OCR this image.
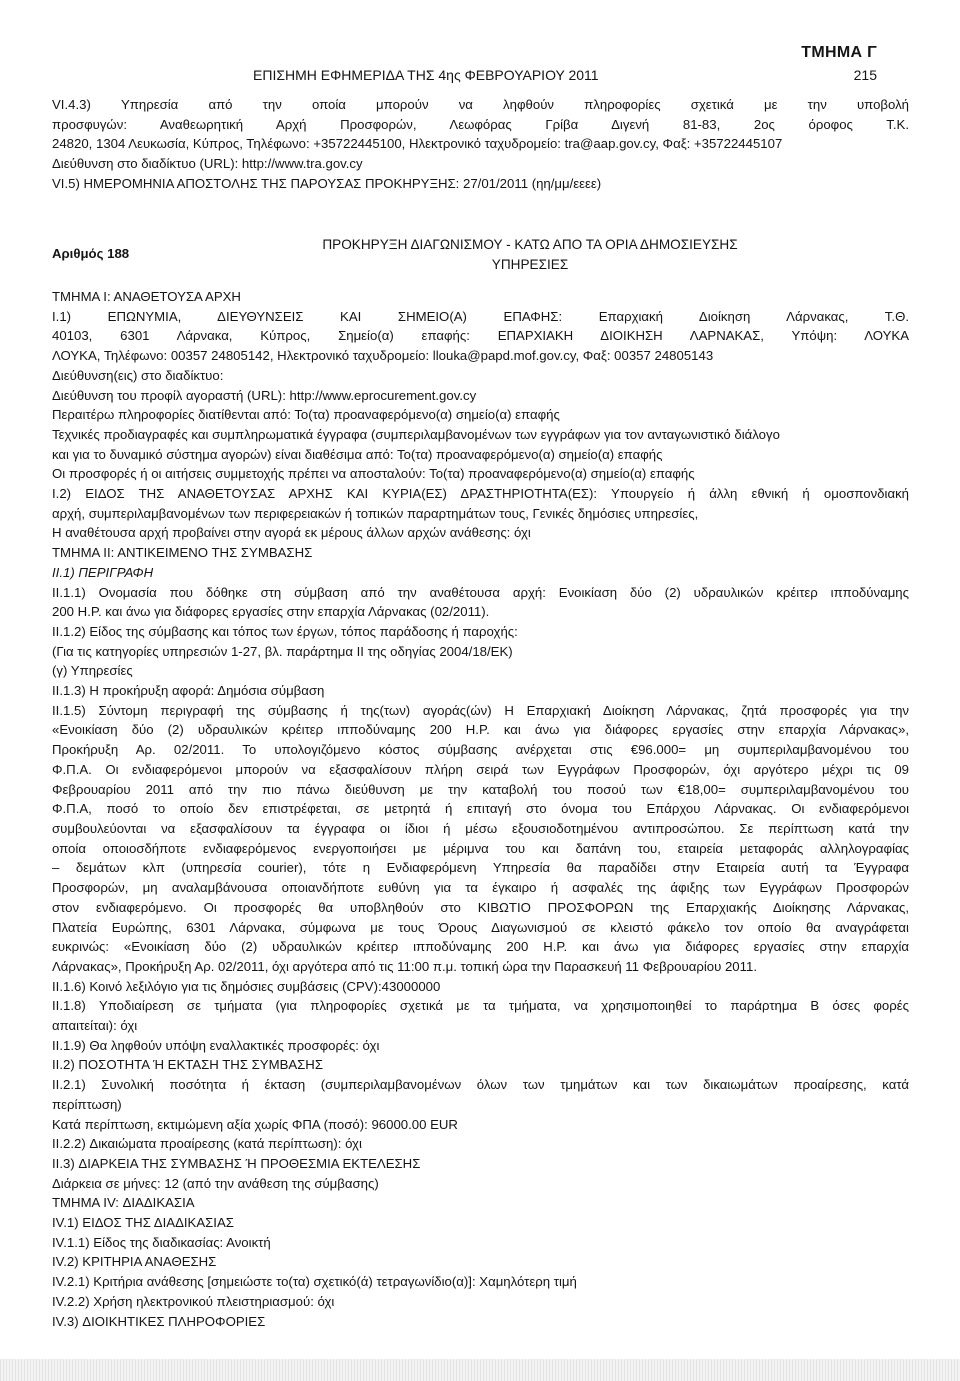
ΤΜΗΜΑ Γ
ΕΠΙΣΗΜΗ ΕΦΗΜΕΡΙΔΑ ΤΗΣ 4ης ΦΕΒΡΟΥΑΡΙΟΥ 2011	215
VI.4.3) Υπηρεσία από την οποία μπορούν να ληφθούν πληροφορίες σχετικά με την υποβολή
προσφυγών: Αναθεωρητική Αρχή Προσφορών, Λεωφόρας Γρίβα Διγενή 81-83, 2ος όροφος Τ.Κ.
24820, 1304 Λευκωσία, Κύπρος, Τηλέφωνο: +35722445100, Ηλεκτρονικό ταχυδρομείο: tra@aap.gov.cy, Φαξ: +35722445107
Διεύθυνση στο διαδίκτυο (URL): http://www.tra.gov.cy
VI.5) ΗΜΕΡΟΜΗΝΙΑ ΑΠΟΣΤΟΛΗΣ ΤΗΣ ΠΑΡΟΥΣΑΣ ΠΡΟΚΗΡΥΞΗΣ: 27/01/2011 (ηη/μμ/εεεε)
Αριθμός 188
ΠΡΟΚΗΡΥΞΗ ΔΙΑΓΩΝΙΣΜΟΥ - ΚΑΤΩ ΑΠΟ ΤΑ ΟΡΙΑ ΔΗΜΟΣΙΕΥΣΗΣ
ΥΠΗΡΕΣΙΕΣ
ΤΜΗΜΑ Ι: ΑΝΑΘΕΤΟΥΣΑ ΑΡΧΗ
I.1) ΕΠΩΝΥΜΙΑ, ΔΙΕΥΘΥΝΣΕΙΣ ΚΑΙ ΣΗΜΕΙΟ(Α) ΕΠΑΦΗΣ: Επαρχιακή Διοίκηση Λάρνακας, Τ.Θ.
40103, 6301 Λάρνακα, Κύπρος, Σημείο(α) επαφής: ΕΠΑΡΧΙΑΚΗ ΔΙΟΙΚΗΣΗ ΛΑΡΝΑΚΑΣ, Υπόψη: ΛΟΥΚΑ
ΛΟΥΚΑ, Τηλέφωνο: 00357 24805142, Ηλεκτρονικό ταχυδρομείο: llouka@papd.mof.gov.cy, Φαξ: 00357 24805143
Διεύθυνση(εις) στο διαδίκτυο:
Διεύθυνση του προφίλ αγοραστή (URL): http://www.eprocurement.gov.cy
Περαιτέρω πληροφορίες διατίθενται από: Το(τα) προαναφερόμενο(α) σημείο(α) επαφής
Τεχνικές προδιαγραφές και συμπληρωματικά έγγραφα (συμπεριλαμβανομένων των εγγράφων για τον ανταγωνιστικό διάλογο
και για το δυναμικό σύστημα αγορών) είναι διαθέσιμα από: Το(τα) προαναφερόμενο(α) σημείο(α) επαφής
Οι προσφορές ή οι αιτήσεις συμμετοχής πρέπει να αποσταλούν: Το(τα) προαναφερόμενο(α) σημείο(α) επαφής
I.2) ΕΙΔΟΣ ΤΗΣ ΑΝΑΘΕΤΟΥΣΑΣ ΑΡΧΗΣ ΚΑΙ ΚΥΡΙΑ(ΕΣ) ΔΡΑΣΤΗΡΙΟΤΗΤΑ(ΕΣ): Υπουργείο ή άλλη εθνική ή ομοσπονδιακή
αρχή, συμπεριλαμβανομένων των περιφερειακών ή τοπικών παραρτημάτων τους, Γενικές δημόσιες υπηρεσίες,
Η αναθέτουσα αρχή προβαίνει στην αγορά εκ μέρους άλλων αρχών ανάθεσης: όχι
ΤΜΗΜΑ ΙΙ: ΑΝΤΙΚΕΙΜΕΝΟ ΤΗΣ ΣΥΜΒΑΣΗΣ
II.1) ΠΕΡΙΓΡΑΦΗ
II.1.1) Ονομασία που δόθηκε στη σύμβαση από την αναθέτουσα αρχή: Ενοικίαση δύο (2) υδραυλικών κρέιτερ ιπποδύναμης
200 Η.Ρ. και άνω για διάφορες εργασίες στην επαρχία Λάρνακας (02/2011).
II.1.2) Είδος της σύμβασης και τόπος των έργων, τόπος παράδοσης ή παροχής:
(Για τις κατηγορίες υπηρεσιών 1-27, βλ. παράρτημα ΙΙ της οδηγίας 2004/18/ΕΚ)
(γ) Υπηρεσίες
II.1.3) Η προκήρυξη αφορά: Δημόσια σύμβαση
II.1.5) Σύντομη περιγραφή της σύμβασης ή της(των) αγοράς(ών) Η Επαρχιακή Διοίκηση Λάρνακας, ζητά προσφορές για την
«Ενοικίαση δύο (2) υδραυλικών κρέιτερ ιπποδύναμης 200 Η.Ρ. και άνω για διάφορες εργασίες στην επαρχία Λάρνακας»,
Προκήρυξη Αρ. 02/2011. Το υπολογιζόμενο κόστος σύμβασης ανέρχεται στις €96.000= μη συμπεριλαμβανομένου του
Φ.Π.Α. Οι ενδιαφερόμενοι μπορούν να εξασφαλίσουν πλήρη σειρά των Εγγράφων Προσφορών, όχι αργότερο μέχρι τις 09
Φεβρουαρίου 2011 από την πιο πάνω διεύθυνση με την καταβολή του ποσού των €18,00= συμπεριλαμβανομένου του
Φ.Π.Α, ποσό το οποίο δεν επιστρέφεται, σε μετρητά ή επιταγή στο όνομα του Επάρχου Λάρνακας. Οι ενδιαφερόμενοι
συμβουλεύονται να εξασφαλίσουν τα έγγραφα οι ίδιοι ή μέσω εξουσιοδοτημένου αντιπροσώπου. Σε περίπτωση κατά την
οποία οποιοσδήποτε ενδιαφερόμενος ενεργοποιήσει με μέριμνα του και δαπάνη του, εταιρεία μεταφοράς αλληλογραφίας
– δεμάτων κλπ (υπηρεσία courier), τότε η Ενδιαφερόμενη Υπηρεσία θα παραδίδει στην Εταιρεία αυτή τα Έγγραφα
Προσφορών, μη αναλαμβάνουσα οποιανδήποτε ευθύνη για τα έγκαιρο ή ασφαλές της άφιξης των Εγγράφων Προσφορών
στον ενδιαφερόμενο. Οι προσφορές θα υποβληθούν στο ΚΙΒΩΤΙΟ ΠΡΟΣΦΟΡΩΝ της Επαρχιακής Διοίκησης Λάρνακας,
Πλατεία Ευρώπης, 6301 Λάρνακα, σύμφωνα με τους Όρους Διαγωνισμού σε κλειστό φάκελο τον οποίο θα αναγράφεται
ευκρινώς: «Ενοικίαση δύο (2) υδραυλικών κρέιτερ ιπποδύναμης 200 Η.Ρ. και άνω για διάφορες εργασίες στην επαρχία
Λάρνακας», Προκήρυξη Αρ. 02/2011, όχι αργότερα από τις 11:00 π.μ. τοπική ώρα την Παρασκευή 11 Φεβρουαρίου 2011.
II.1.6) Κοινό λεξιλόγιο για τις δημόσιες συμβάσεις (CPV):43000000
II.1.8) Υποδιαίρεση σε τμήματα (για πληροφορίες σχετικά με τα τμήματα, να χρησιμοποιηθεί το παράρτημα Β όσες φορές
απαιτείται): όχι
II.1.9) Θα ληφθούν υπόψη εναλλακτικές προσφορές: όχι
II.2) ΠΟΣΟΤΗΤΑ Ή ΕΚΤΑΣΗ ΤΗΣ ΣΥΜΒΑΣΗΣ
II.2.1) Συνολική ποσότητα ή έκταση (συμπεριλαμβανομένων όλων των τμημάτων και των δικαιωμάτων προαίρεσης, κατά
περίπτωση)
Κατά περίπτωση, εκτιμώμενη αξία χωρίς ΦΠΑ (ποσό): 96000.00 EUR
II.2.2) Δικαιώματα προαίρεσης (κατά περίπτωση): όχι
II.3) ΔΙΑΡΚΕΙΑ ΤΗΣ ΣΥΜΒΑΣΗΣ Ή ΠΡΟΘΕΣΜΙΑ ΕΚΤΕΛΕΣΗΣ
Διάρκεια σε μήνες: 12 (από την ανάθεση της σύμβασης)
ΤΜΗΜΑ IV: ΔΙΑΔΙΚΑΣΙΑ
IV.1) ΕΙΔΟΣ ΤΗΣ ΔΙΑΔΙΚΑΣΙΑΣ
IV.1.1) Είδος της διαδικασίας: Ανοικτή
IV.2) ΚΡΙΤΗΡΙΑ ΑΝΑΘΕΣΗΣ
IV.2.1) Κριτήρια ανάθεσης [σημειώστε το(τα) σχετικό(ά) τετραγωνίδιο(α)]: Χαμηλότερη τιμή
IV.2.2) Χρήση ηλεκτρονικού πλειστηριασμού: όχι
IV.3) ΔΙΟΙΚΗΤΙΚΕΣ ΠΛΗΡΟΦΟΡΙΕΣ
